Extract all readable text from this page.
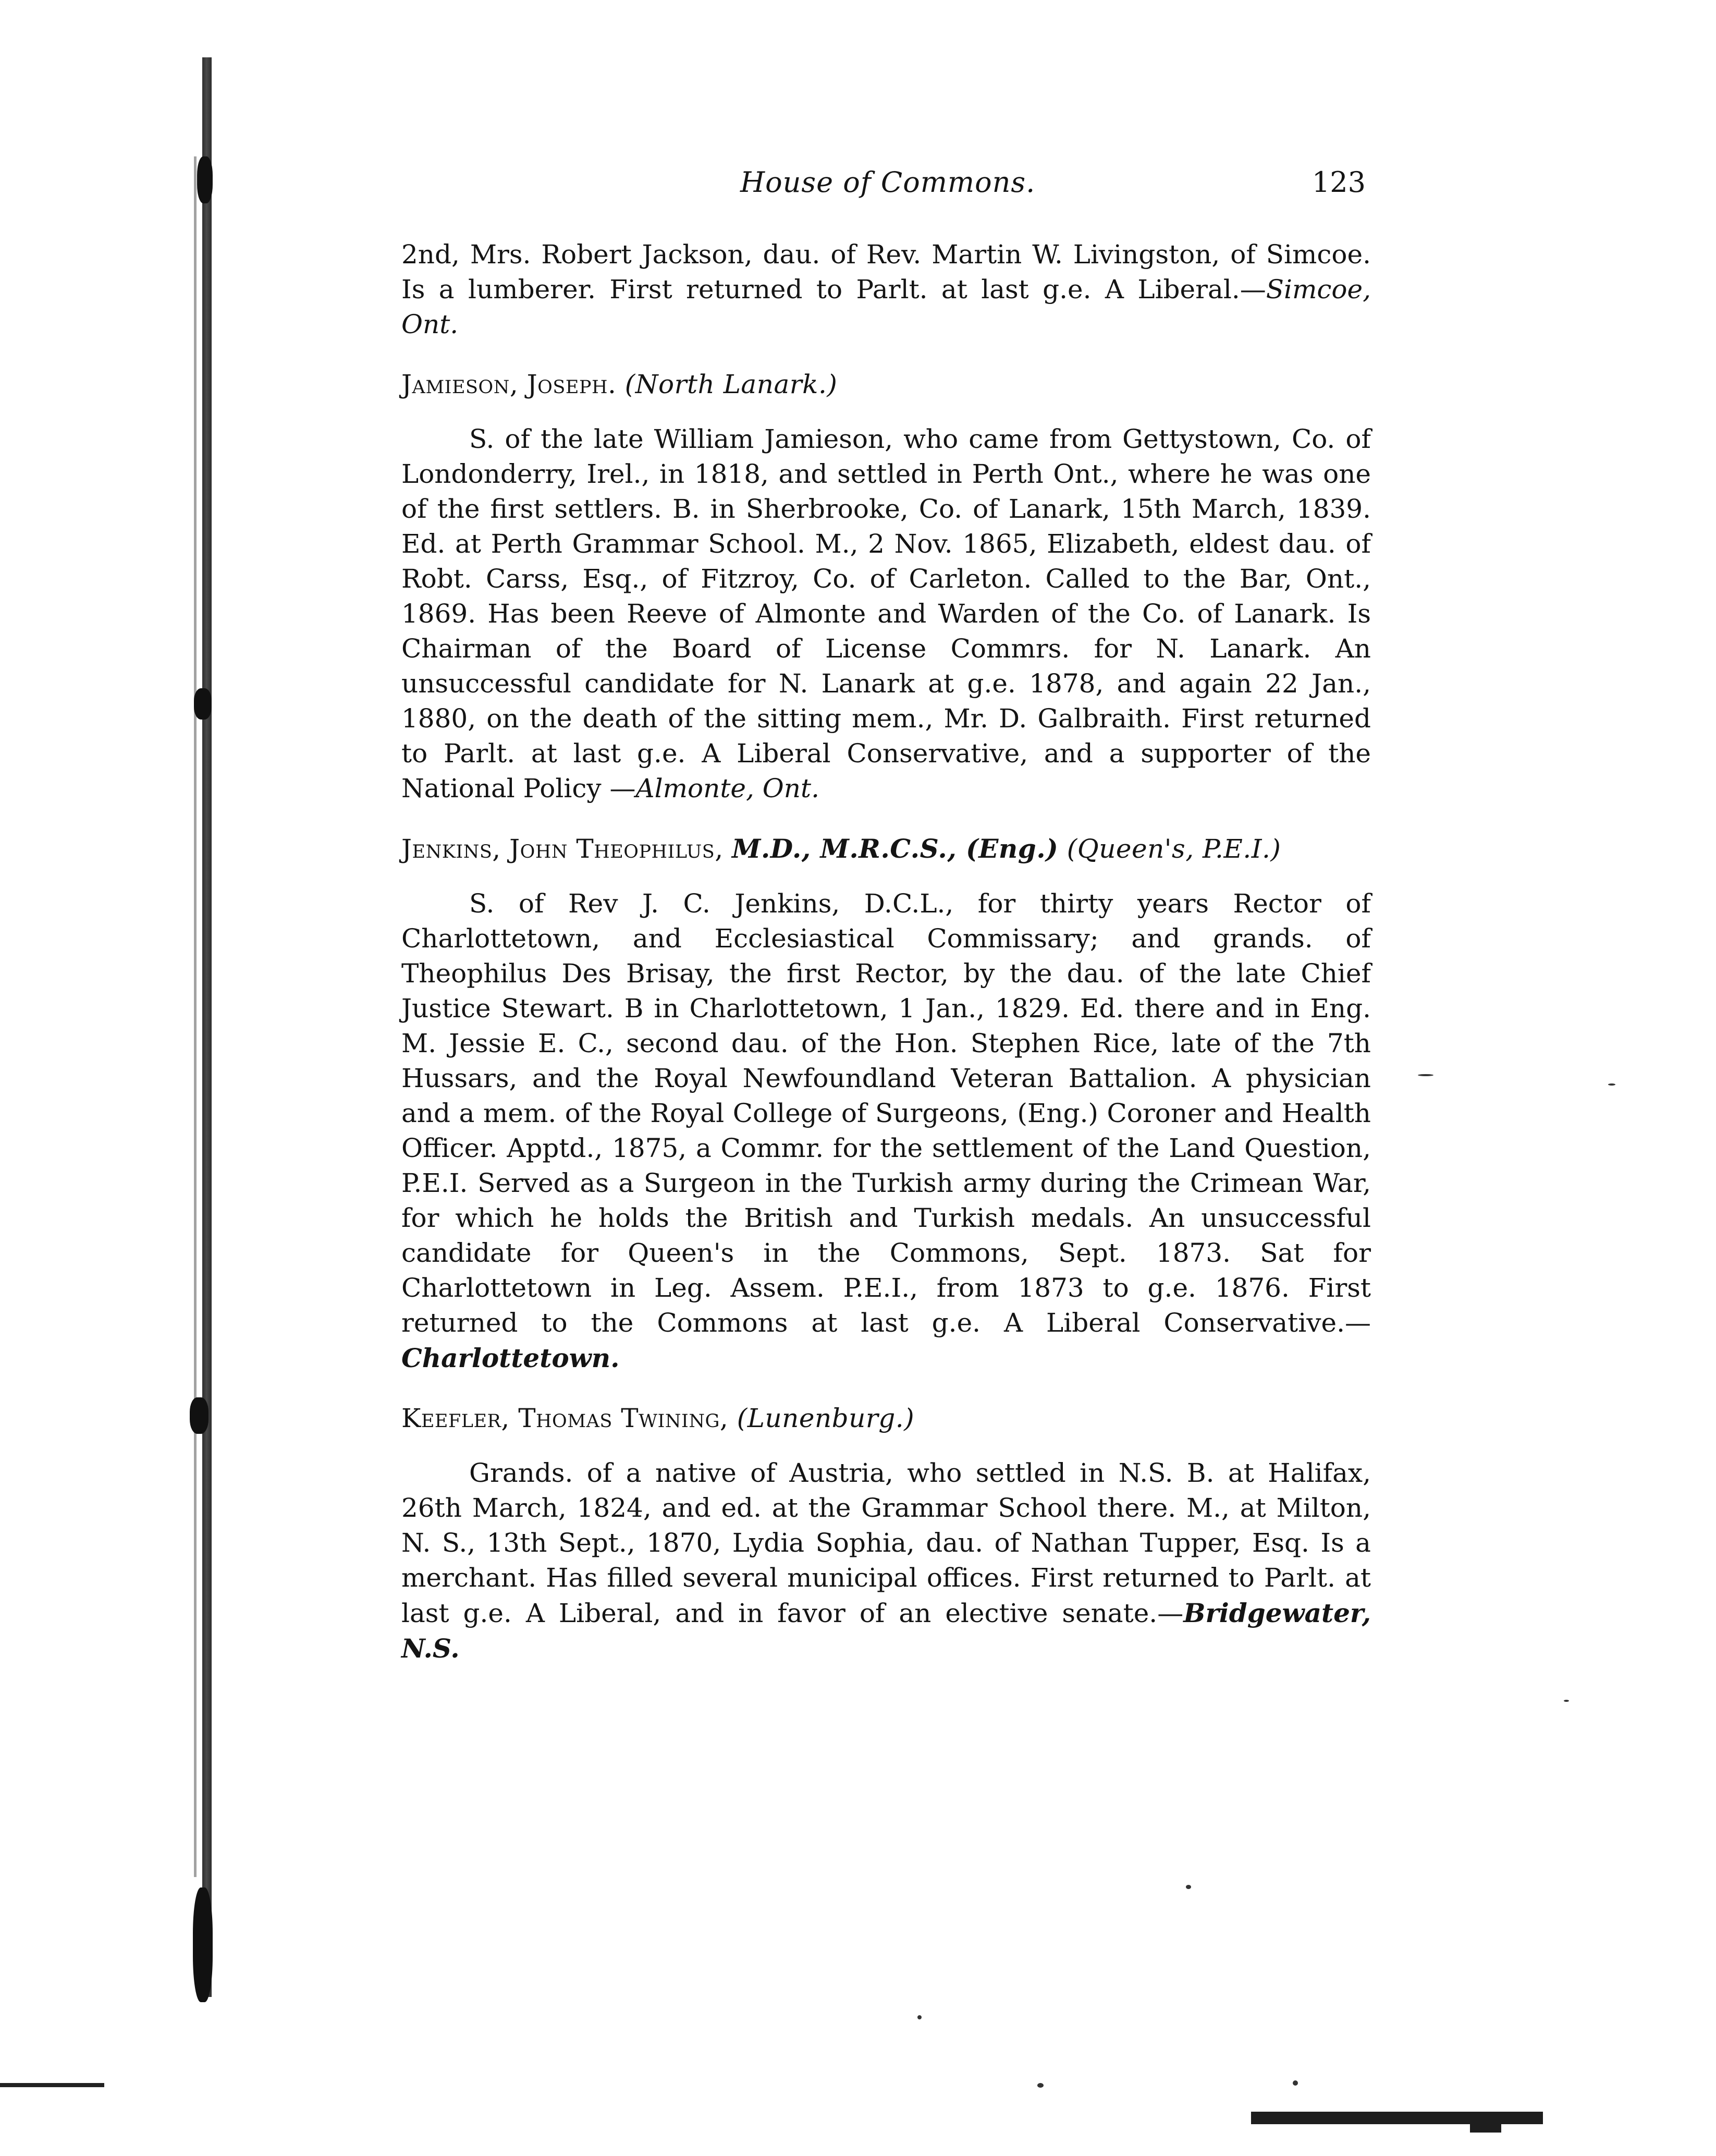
House of Commons.	123

2nd, Mrs. Robert Jackson, dau. of Rev. Martin W. Livingston, of Simcoe. Is a lumberer. First returned to Parlt. at last g.e. A Liberal.—Simcoe, Ont.

Jamieson, Joseph. (North Lanark.)

S. of the late William Jamieson, who came from Gettystown, Co. of Londonderry, Irel., in 1818, and settled in Perth Ont., where he was one of the first settlers. B. in Sherbrooke, Co. of Lanark, 15th March, 1839. Ed. at Perth Grammar School. M., 2 Nov. 1865, Elizabeth, eldest dau. of Robt. Carss, Esq., of Fitzroy, Co. of Carleton. Called to the Bar, Ont., 1869. Has been Reeve of Almonte and Warden of the Co. of Lanark. Is Chairman of the Board of License Commrs. for N. Lanark. An unsuccessful candidate for N. Lanark at g.e. 1878, and again 22 Jan., 1880, on the death of the sitting mem., Mr. D. Galbraith. First returned to Parlt. at last g.e. A Liberal Conservative, and a supporter of the National Policy —Almonte, Ont.

Jenkins, John Theophilus, M.D., M.R.C.S., (Eng.) (Queen's, P.E.I.)

S. of Rev J. C. Jenkins, D.C.L., for thirty years Rector of Charlottetown, and Ecclesiastical Commissary; and grands. of Theophilus Des Brisay, the first Rector, by the dau. of the late Chief Justice Stewart. B in Charlottetown, 1 Jan., 1829. Ed. there and in Eng. M. Jessie E. C., second dau. of the Hon. Stephen Rice, late of the 7th Hussars, and the Royal Newfoundland Veteran Battalion. A physician and a mem. of the Royal College of Surgeons, (Eng.) Coroner and Health Officer. Apptd., 1875, a Commr. for the settlement of the Land Question, P.E.I. Served as a Surgeon in the Turkish army during the Crimean War, for which he holds the British and Turkish medals. An unsuccessful candidate for Queen's in the Commons, Sept. 1873. Sat for Charlottetown in Leg. Assem. P.E.I., from 1873 to g.e. 1876. First returned to the Commons at last g.e. A Liberal Conservative.—Charlottetown.

Keefler, Thomas Twining, (Lunenburg.)

Grands. of a native of Austria, who settled in N.S. B. at Halifax, 26th March, 1824, and ed. at the Grammar School there. M., at Milton, N. S., 13th Sept., 1870, Lydia Sophia, dau. of Nathan Tupper, Esq. Is a merchant. Has filled several municipal offices. First returned to Parlt. at last g.e. A Liberal, and in favor of an elective senate.—Bridgewater, N.S.
